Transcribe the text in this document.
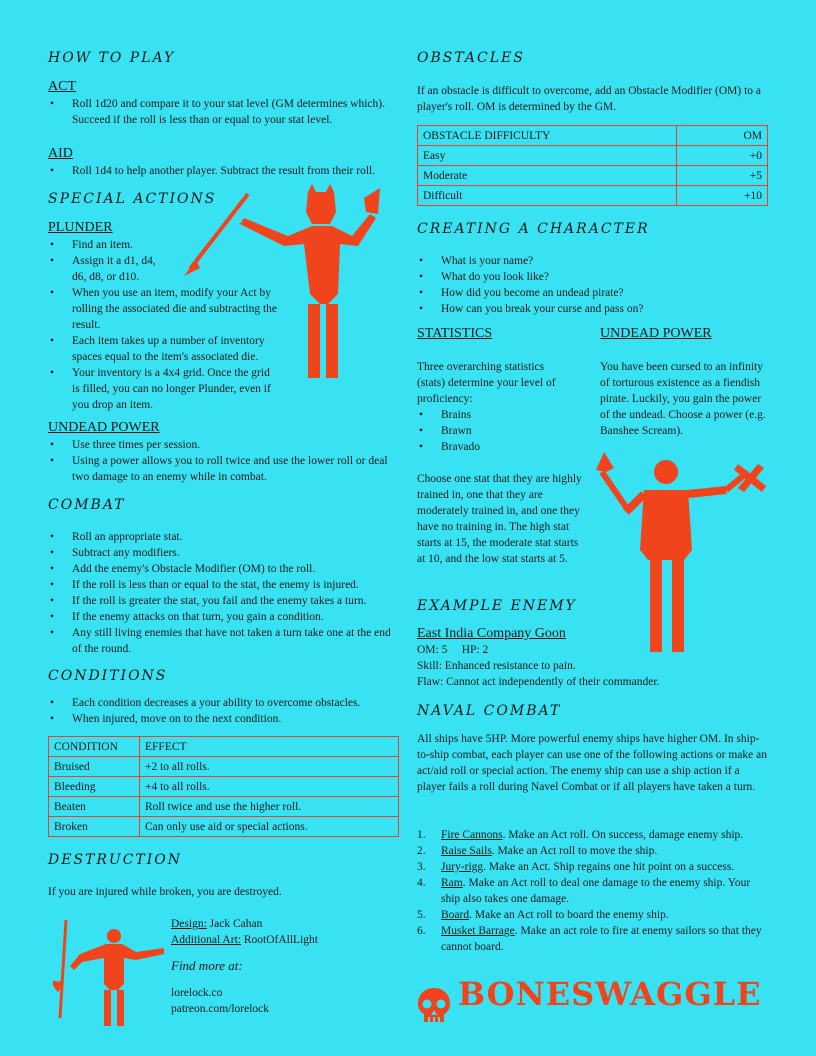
HOW TO PLAY
ACT
• Roll 1d20 and compare it to your stat level (GM determines which). Succeed if the roll is less than or equal to your stat level.
AID
• Roll 1d4 to help another player. Subtract the result from their roll.
SPECIAL ACTIONS
PLUNDER
• Find an item.
• Assign it a d1, d4, d6, d8, or d10.
• When you use an item, modify your Act by rolling the associated die and subtracting the result.
• Each item takes up a number of inventory spaces equal to the item's associated die.
• Your inventory is a 4x4 grid. Once the grid is filled, you can no longer Plunder, even if you drop an item.
UNDEAD POWER
• Use three times per session.
• Using a power allows you to roll twice and use the lower roll or deal two damage to an enemy while in combat.
COMBAT
• Roll an appropriate stat.
• Subtract any modifiers.
• Add the enemy's Obstacle Modifier (OM) to the roll.
• If the roll is less than or equal to the stat, the enemy is injured.
• If the roll is greater the stat, you fail and the enemy takes a turn.
• If the enemy attacks on that turn, you gain a condition.
• Any still living enemies that have not taken a turn take one at the end of the round.
CONDITIONS
• Each condition decreases a your ability to overcome obstacles.
• When injured, move on to the next condition.
CONDITION	EFFECT
Bruised	+2 to all rolls.
Bleeding	+4 to all rolls.
Beaten	Roll twice and use the higher roll.
Broken	Can only use aid or special actions.
DESTRUCTION
If you are injured while broken, you are destroyed.
Design: Jack Cahan
Additional Art: RootOfAllLight
Find more at:
lorelock.co
patreon.com/lorelock
OBSTACLES
If an obstacle is difficult to overcome, add an Obstacle Modifier (OM) to a player's roll. OM is determined by the GM.
OBSTACLE DIFFICULTY	OM
Easy	+0
Moderate	+5
Difficult	+10
CREATING A CHARACTER
• What is your name?
• What do you look like?
• How did you become an undead pirate?
• How can you break your curse and pass on?
STATISTICS
Three overarching statistics (stats) determine your level of proficiency:
• Brains
• Brawn
• Bravado
Choose one stat that they are highly trained in, one that they are moderately trained in, and one they have no training in. The high stat starts at 15, the moderate stat starts at 10, and the low stat starts at 5.
UNDEAD POWER
You have been cursed to an infinity of torturous existence as a fiendish pirate. Luckily, you gain the power of the undead. Choose a power (e.g. Banshee Scream).
EXAMPLE ENEMY
East India Company Goon
OM: 5     HP: 2
Skill: Enhanced resistance to pain.
Flaw: Cannot act independently of their commander.
NAVAL COMBAT
All ships have 5HP. More powerful enemy ships have higher OM. In ship-to-ship combat, each player can use one of the following actions or make an act/aid roll or special action. The enemy ship can use a ship action if a player fails a roll during Navel Combat or if all players have taken a turn.
1. Fire Cannons. Make an Act roll. On success, damage enemy ship.
2. Raise Sails. Make an Act roll to move the ship.
3. Jury-rigg. Make an Act. Ship regains one hit point on a success.
4. Ram. Make an Act roll to deal one damage to the enemy ship. Your ship also takes one damage.
5. Board. Make an Act roll to board the enemy ship.
6. Musket Barrage. Make an act role to fire at enemy sailors so that they cannot board.
BONESWAGGLE
